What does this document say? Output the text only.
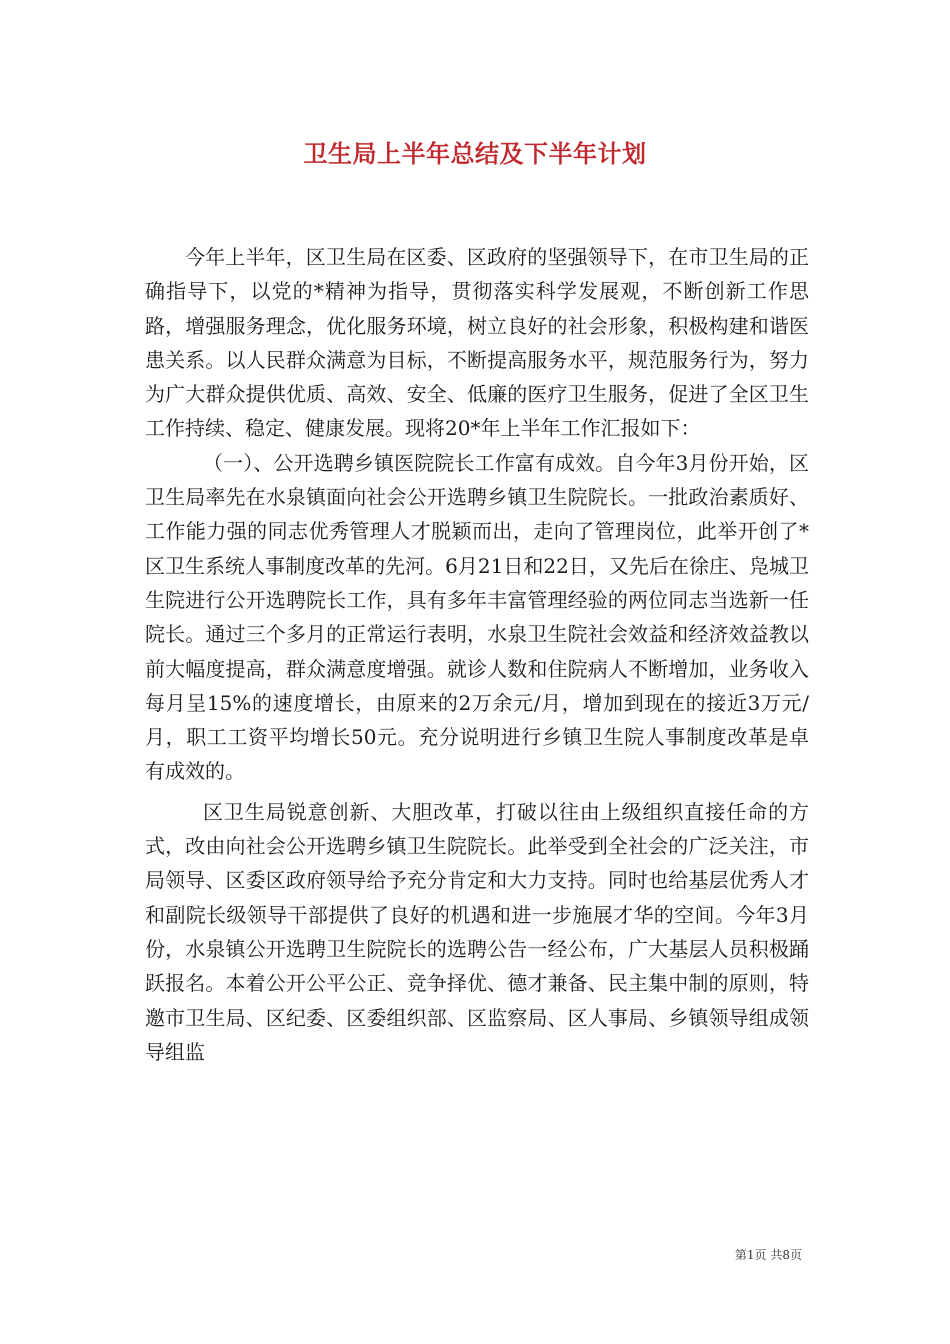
卫生局上半年总结及下半年计划

今年上半年，区卫生局在区委、区政府的坚强领导下，在市卫生局的正确指导下，以党的*精神为指导，贯彻落实科学发展观，不断创新工作思路，增强服务理念，优化服务环境，树立良好的社会形象，积极构建和谐医患关系。以人民群众满意为目标，不断提高服务水平，规范服务行为，努力为广大群众提供优质、高效、安全、低廉的医疗卫生服务，促进了全区卫生工作持续、稳定、健康发展。现将20*年上半年工作汇报如下：

（一）、公开选聘乡镇医院院长工作富有成效。自今年3月份开始，区卫生局率先在水泉镇面向社会公开选聘乡镇卫生院院长。一批政治素质好、工作能力强的同志优秀管理人才脱颖而出，走向了管理岗位，此举开创了*区卫生系统人事制度改革的先河。6月21日和22日，又先后在徐庄、凫城卫生院进行公开选聘院长工作，具有多年丰富管理经验的两位同志当选新一任院长。通过三个多月的正常运行表明，水泉卫生院社会效益和经济效益教以前大幅度提高，群众满意度增强。就诊人数和住院病人不断增加，业务收入每月呈15%的速度增长，由原来的2万余元/月，增加到现在的接近3万元/月，职工工资平均增长50元。充分说明进行乡镇卫生院人事制度改革是卓有成效的。

区卫生局锐意创新、大胆改革，打破以往由上级组织直接任命的方式，改由向社会公开选聘乡镇卫生院院长。此举受到全社会的广泛关注，市局领导、区委区政府领导给予充分肯定和大力支持。同时也给基层优秀人才和副院长级领导干部提供了良好的机遇和进一步施展才华的空间。今年3月份，水泉镇公开选聘卫生院院长的选聘公告一经公布，广大基层人员积极踊跃报名。本着公开公平公正、竞争择优、德才兼备、民主集中制的原则，特邀市卫生局、区纪委、区委组织部、区监察局、区人事局、乡镇领导组成领导组监

第1页 共8页
